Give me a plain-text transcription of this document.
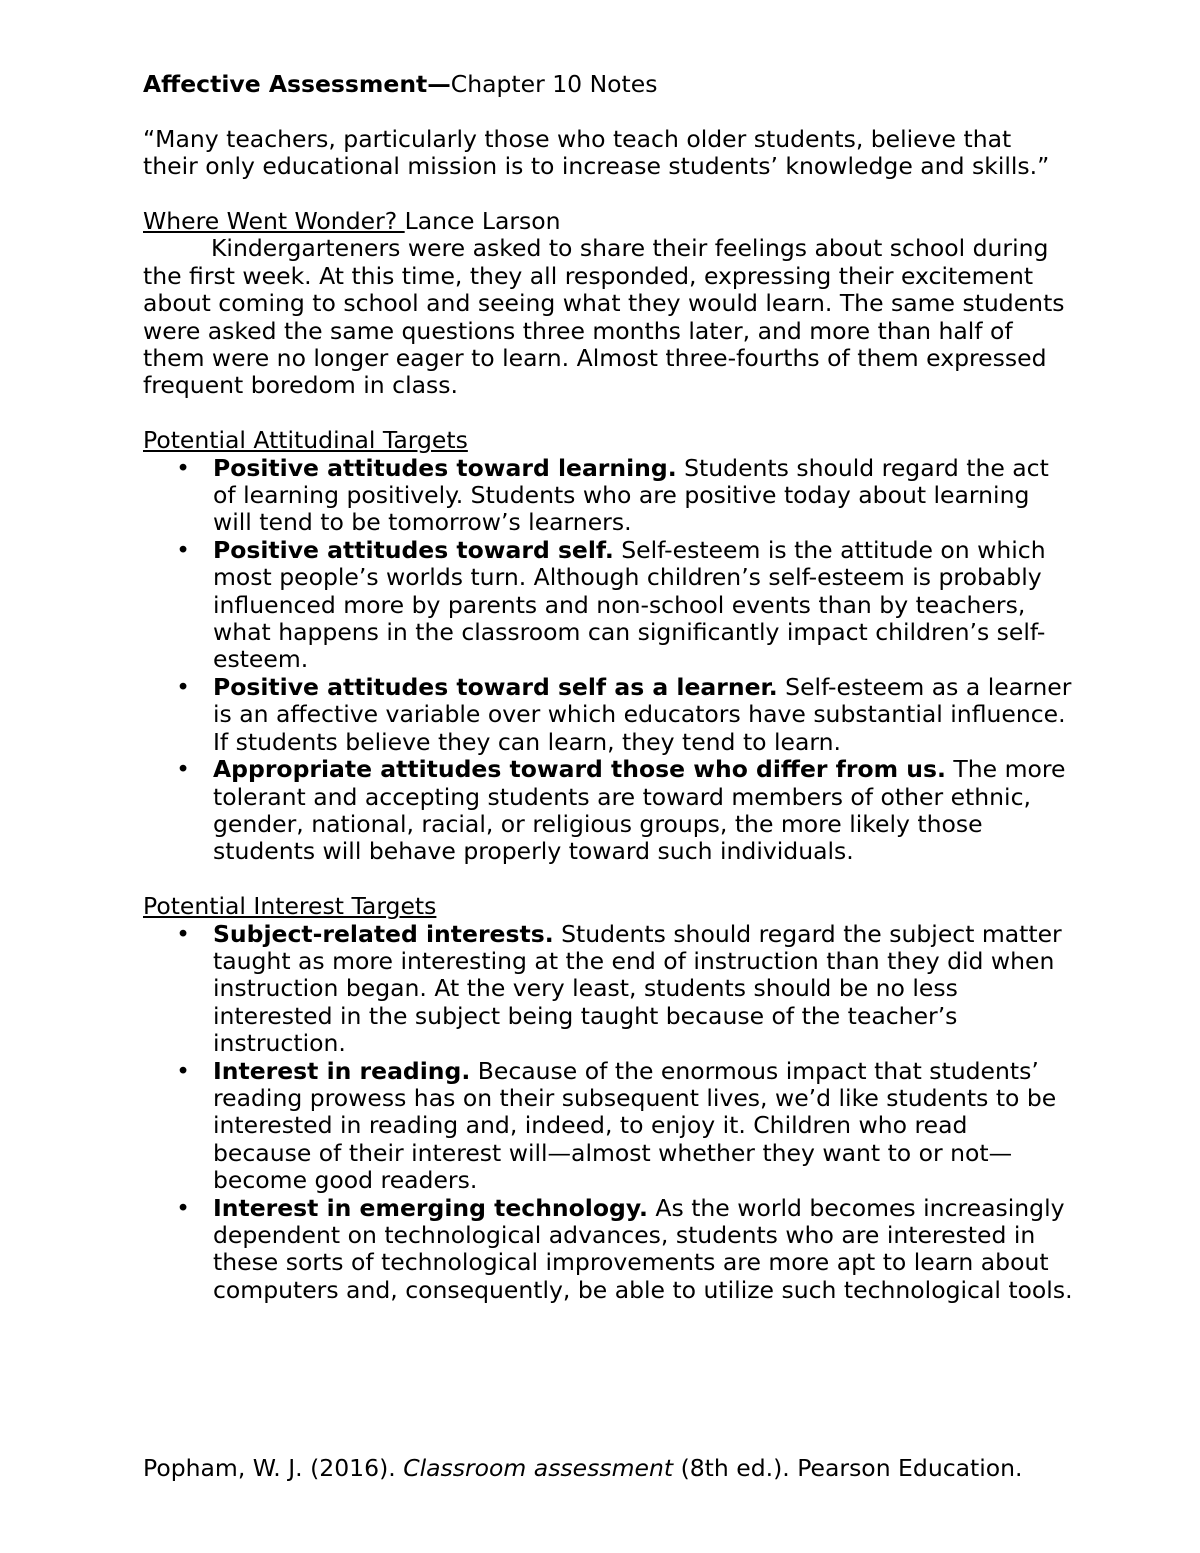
Affective Assessment—Chapter 10 Notes

“Many teachers, particularly those who teach older students, believe that their only educational mission is to increase students’ knowledge and skills.”

Where Went Wonder? Lance Larson

Kindergarteners were asked to share their feelings about school during the first week. At this time, they all responded, expressing their excitement about coming to school and seeing what they would learn. The same students were asked the same questions three months later, and more than half of them were no longer eager to learn. Almost three-fourths of them expressed frequent boredom in class.

Potential Attitudinal Targets

• Positive attitudes toward learning. Students should regard the act of learning positively. Students who are positive today about learning will tend to be tomorrow’s learners.
• Positive attitudes toward self. Self-esteem is the attitude on which most people’s worlds turn. Although children’s self-esteem is probably influenced more by parents and non-school events than by teachers, what happens in the classroom can significantly impact children’s self-esteem.
• Positive attitudes toward self as a learner. Self-esteem as a learner is an affective variable over which educators have substantial influence. If students believe they can learn, they tend to learn.
• Appropriate attitudes toward those who differ from us. The more tolerant and accepting students are toward members of other ethnic, gender, national, racial, or religious groups, the more likely those students will behave properly toward such individuals.

Potential Interest Targets

• Subject-related interests. Students should regard the subject matter taught as more interesting at the end of instruction than they did when instruction began. At the very least, students should be no less interested in the subject being taught because of the teacher’s instruction.
• Interest in reading. Because of the enormous impact that students’ reading prowess has on their subsequent lives, we’d like students to be interested in reading and, indeed, to enjoy it. Children who read because of their interest will—almost whether they want to or not—become good readers.
• Interest in emerging technology. As the world becomes increasingly dependent on technological advances, students who are interested in these sorts of technological improvements are more apt to learn about computers and, consequently, be able to utilize such technological tools.

Popham, W. J. (2016). Classroom assessment (8th ed.). Pearson Education.
